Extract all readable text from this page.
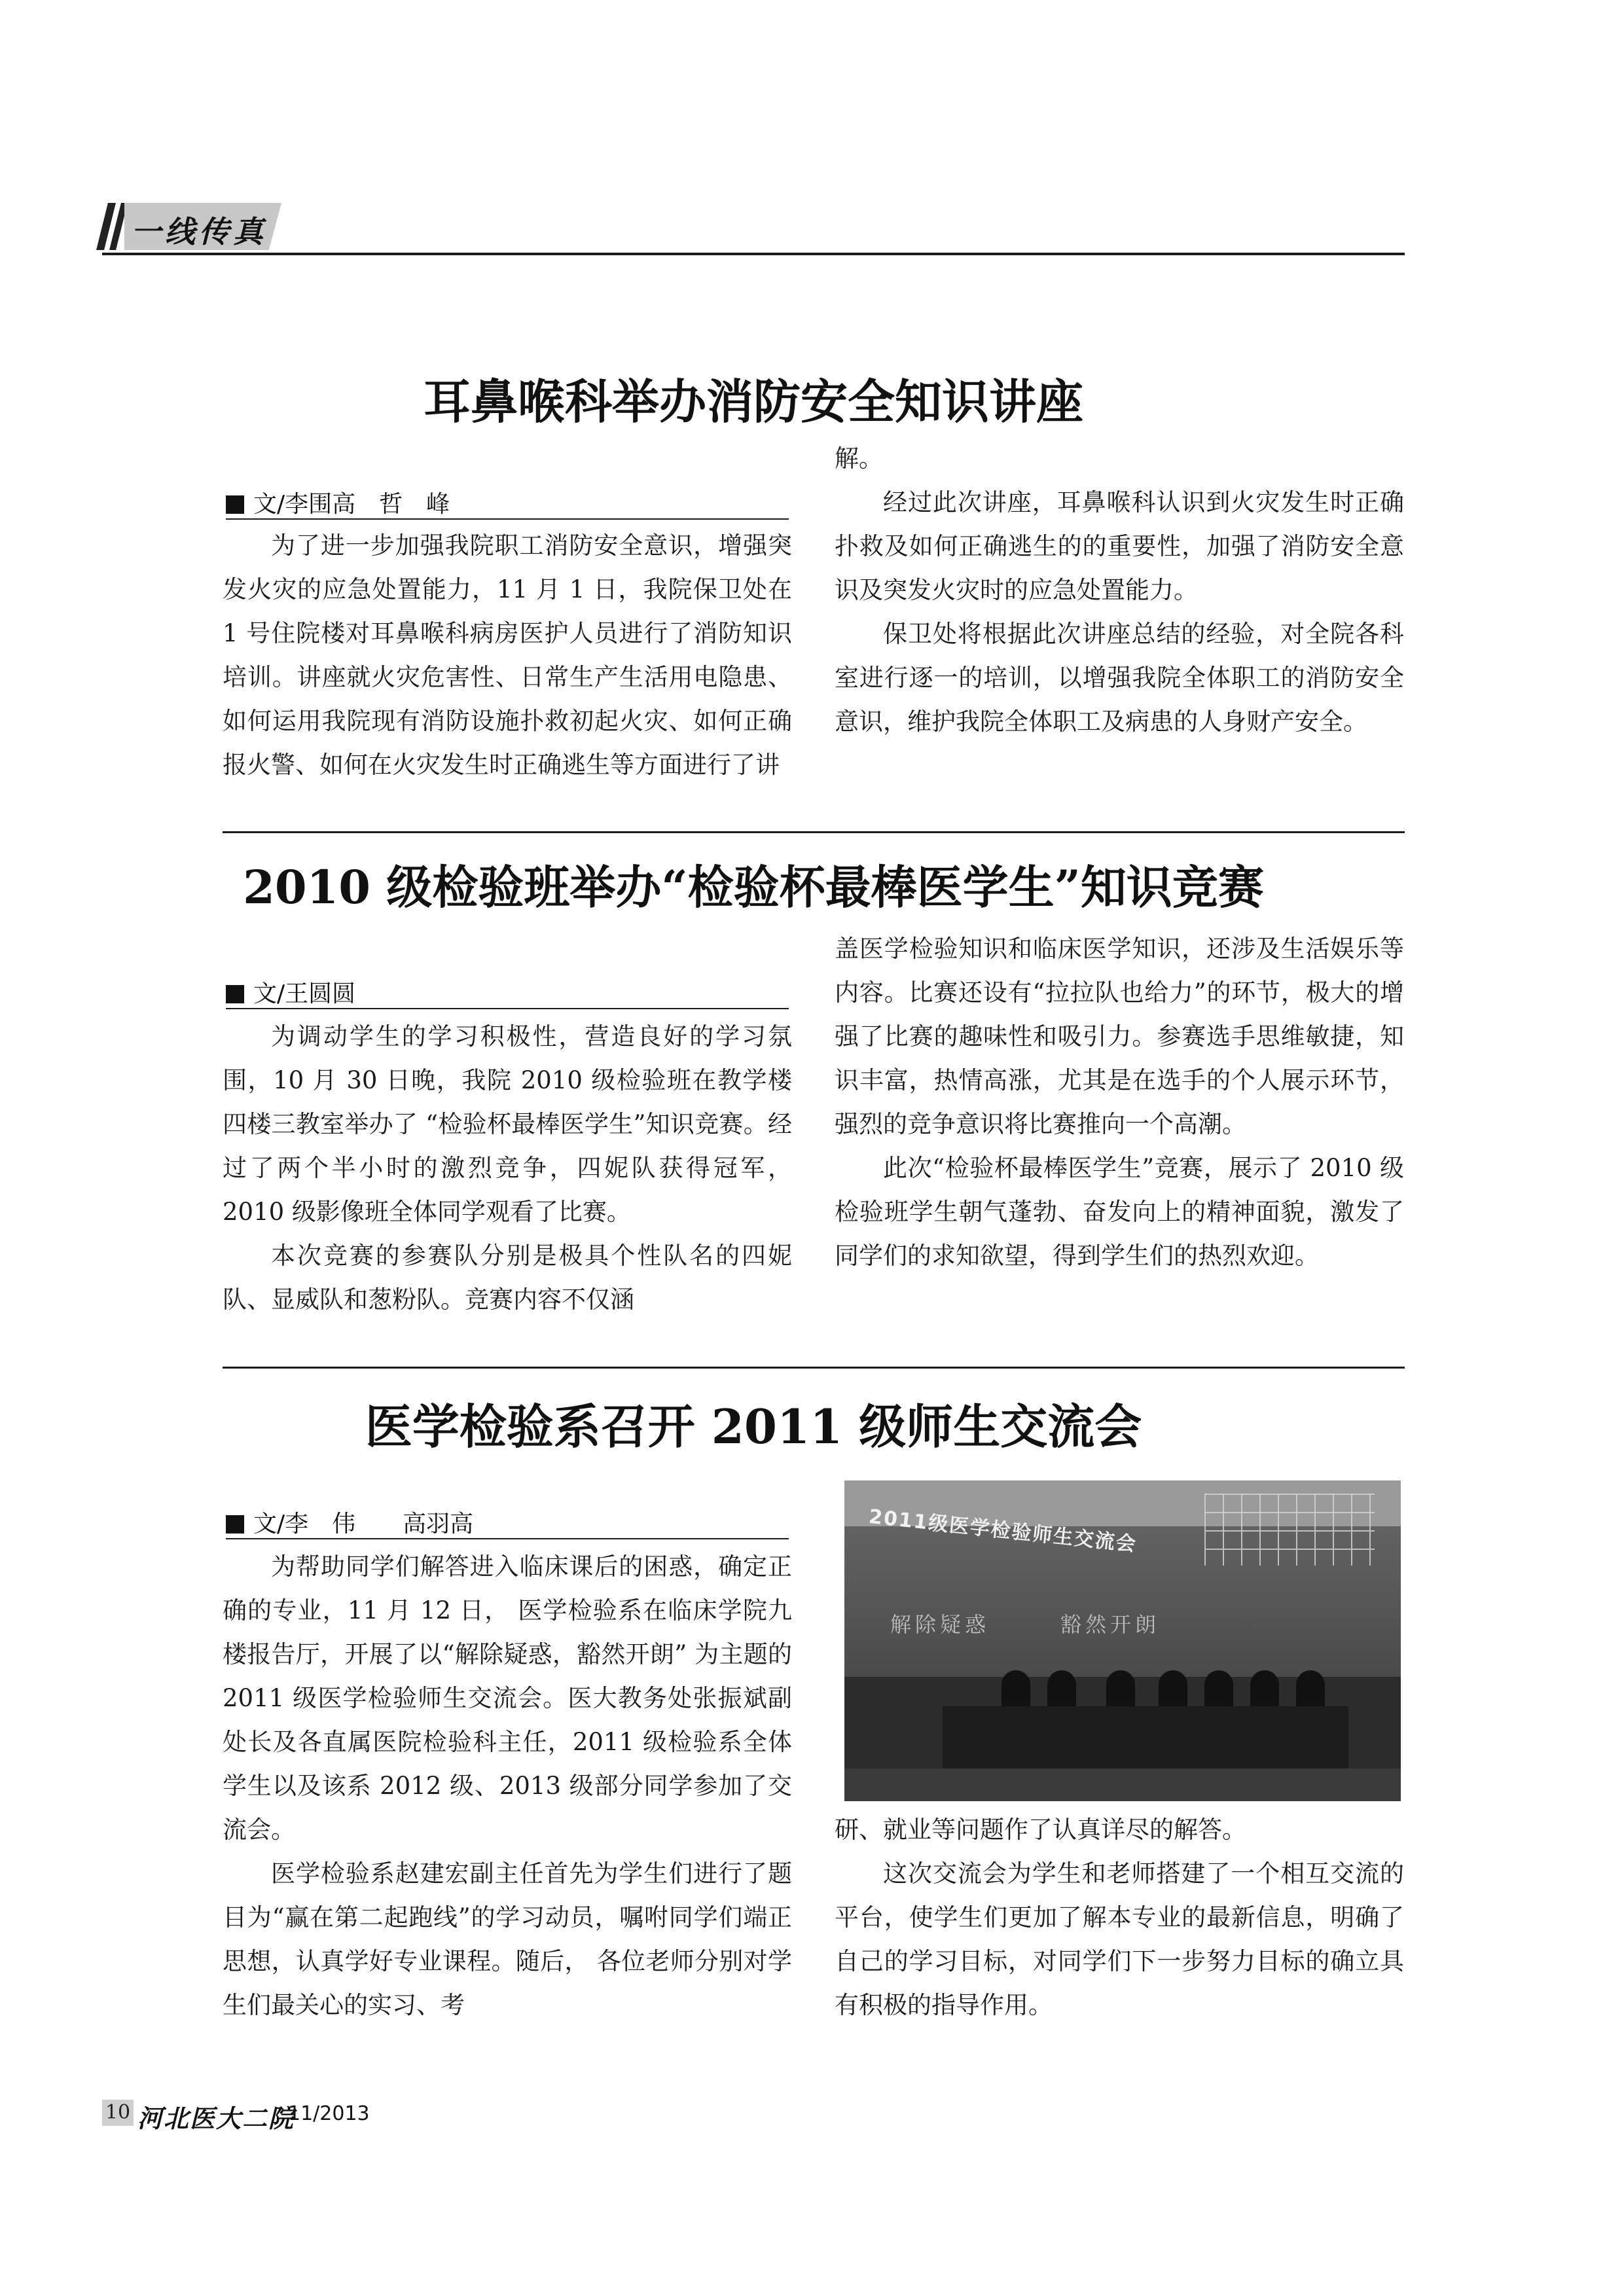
一线传真
耳鼻喉科举办消防安全知识讲座
文/李围高　哲　峰

为了进一步加强我院职工消防安全意识，增强突发火灾的应急处置能力，11 月 1 日，我院保卫处在 1 号住院楼对耳鼻喉科病房医护人员进行了消防知识培训。讲座就火灾危害性、日常生产生活用电隐患、如何运用我院现有消防设施扑救初起火灾、如何正确报火警、如何在火灾发生时正确逃生等方面进行了讲

解。

经过此次讲座，耳鼻喉科认识到火灾发生时正确扑救及如何正确逃生的的重要性，加强了消防安全意识及突发火灾时的应急处置能力。

保卫处将根据此次讲座总结的经验，对全院各科室进行逐一的培训，以增强我院全体职工的消防安全意识，维护我院全体职工及病患的人身财产安全。

2010 级检验班举办“检验杯最棒医学生”知识竞赛
文/王圆圆

为调动学生的学习积极性，营造良好的学习氛围，10 月 30 日晚，我院 2010 级检验班在教学楼四楼三教室举办了 “检验杯最棒医学生”知识竞赛。经过了两个半小时的激烈竞争，四妮队获得冠军，2010 级影像班全体同学观看了比赛。

本次竞赛的参赛队分别是极具个性队名的四妮队、显威队和葱粉队。竞赛内容不仅涵

盖医学检验知识和临床医学知识，还涉及生活娱乐等内容。比赛还设有“拉拉队也给力”的环节，极大的增强了比赛的趣味性和吸引力。参赛选手思维敏捷，知识丰富，热情高涨，尤其是在选手的个人展示环节，强烈的竞争意识将比赛推向一个高潮。

此次“检验杯最棒医学生”竞赛，展示了 2010 级检验班学生朝气蓬勃、奋发向上的精神面貌，激发了同学们的求知欲望，得到学生们的热烈欢迎。

医学检验系召开 2011 级师生交流会
文/李　伟　　高羽高

为帮助同学们解答进入临床课后的困惑，确定正确的专业，11 月 12 日， 医学检验系在临床学院九楼报告厅，开展了以“解除疑惑，豁然开朗” 为主题的 2011 级医学检验师生交流会。医大教务处张振斌副处长及各直属医院检验科主任，2011 级检验系全体学生以及该系 2012 级、2013 级部分同学参加了交流会。

医学检验系赵建宏副主任首先为学生们进行了题目为“赢在第二起跑线”的学习动员，嘱咐同学们端正思想，认真学好专业课程。随后， 各位老师分别对学生们最关心的实习、考

2011级医学检验师生交流会
解除疑惑	豁然开朗

研、就业等问题作了认真详尽的解答。

这次交流会为学生和老师搭建了一个相互交流的平台，使学生们更加了解本专业的最新信息，明确了自己的学习目标，对同学们下一步努力目标的确立具有积极的指导作用。

10 河北医大二院
11/2013
